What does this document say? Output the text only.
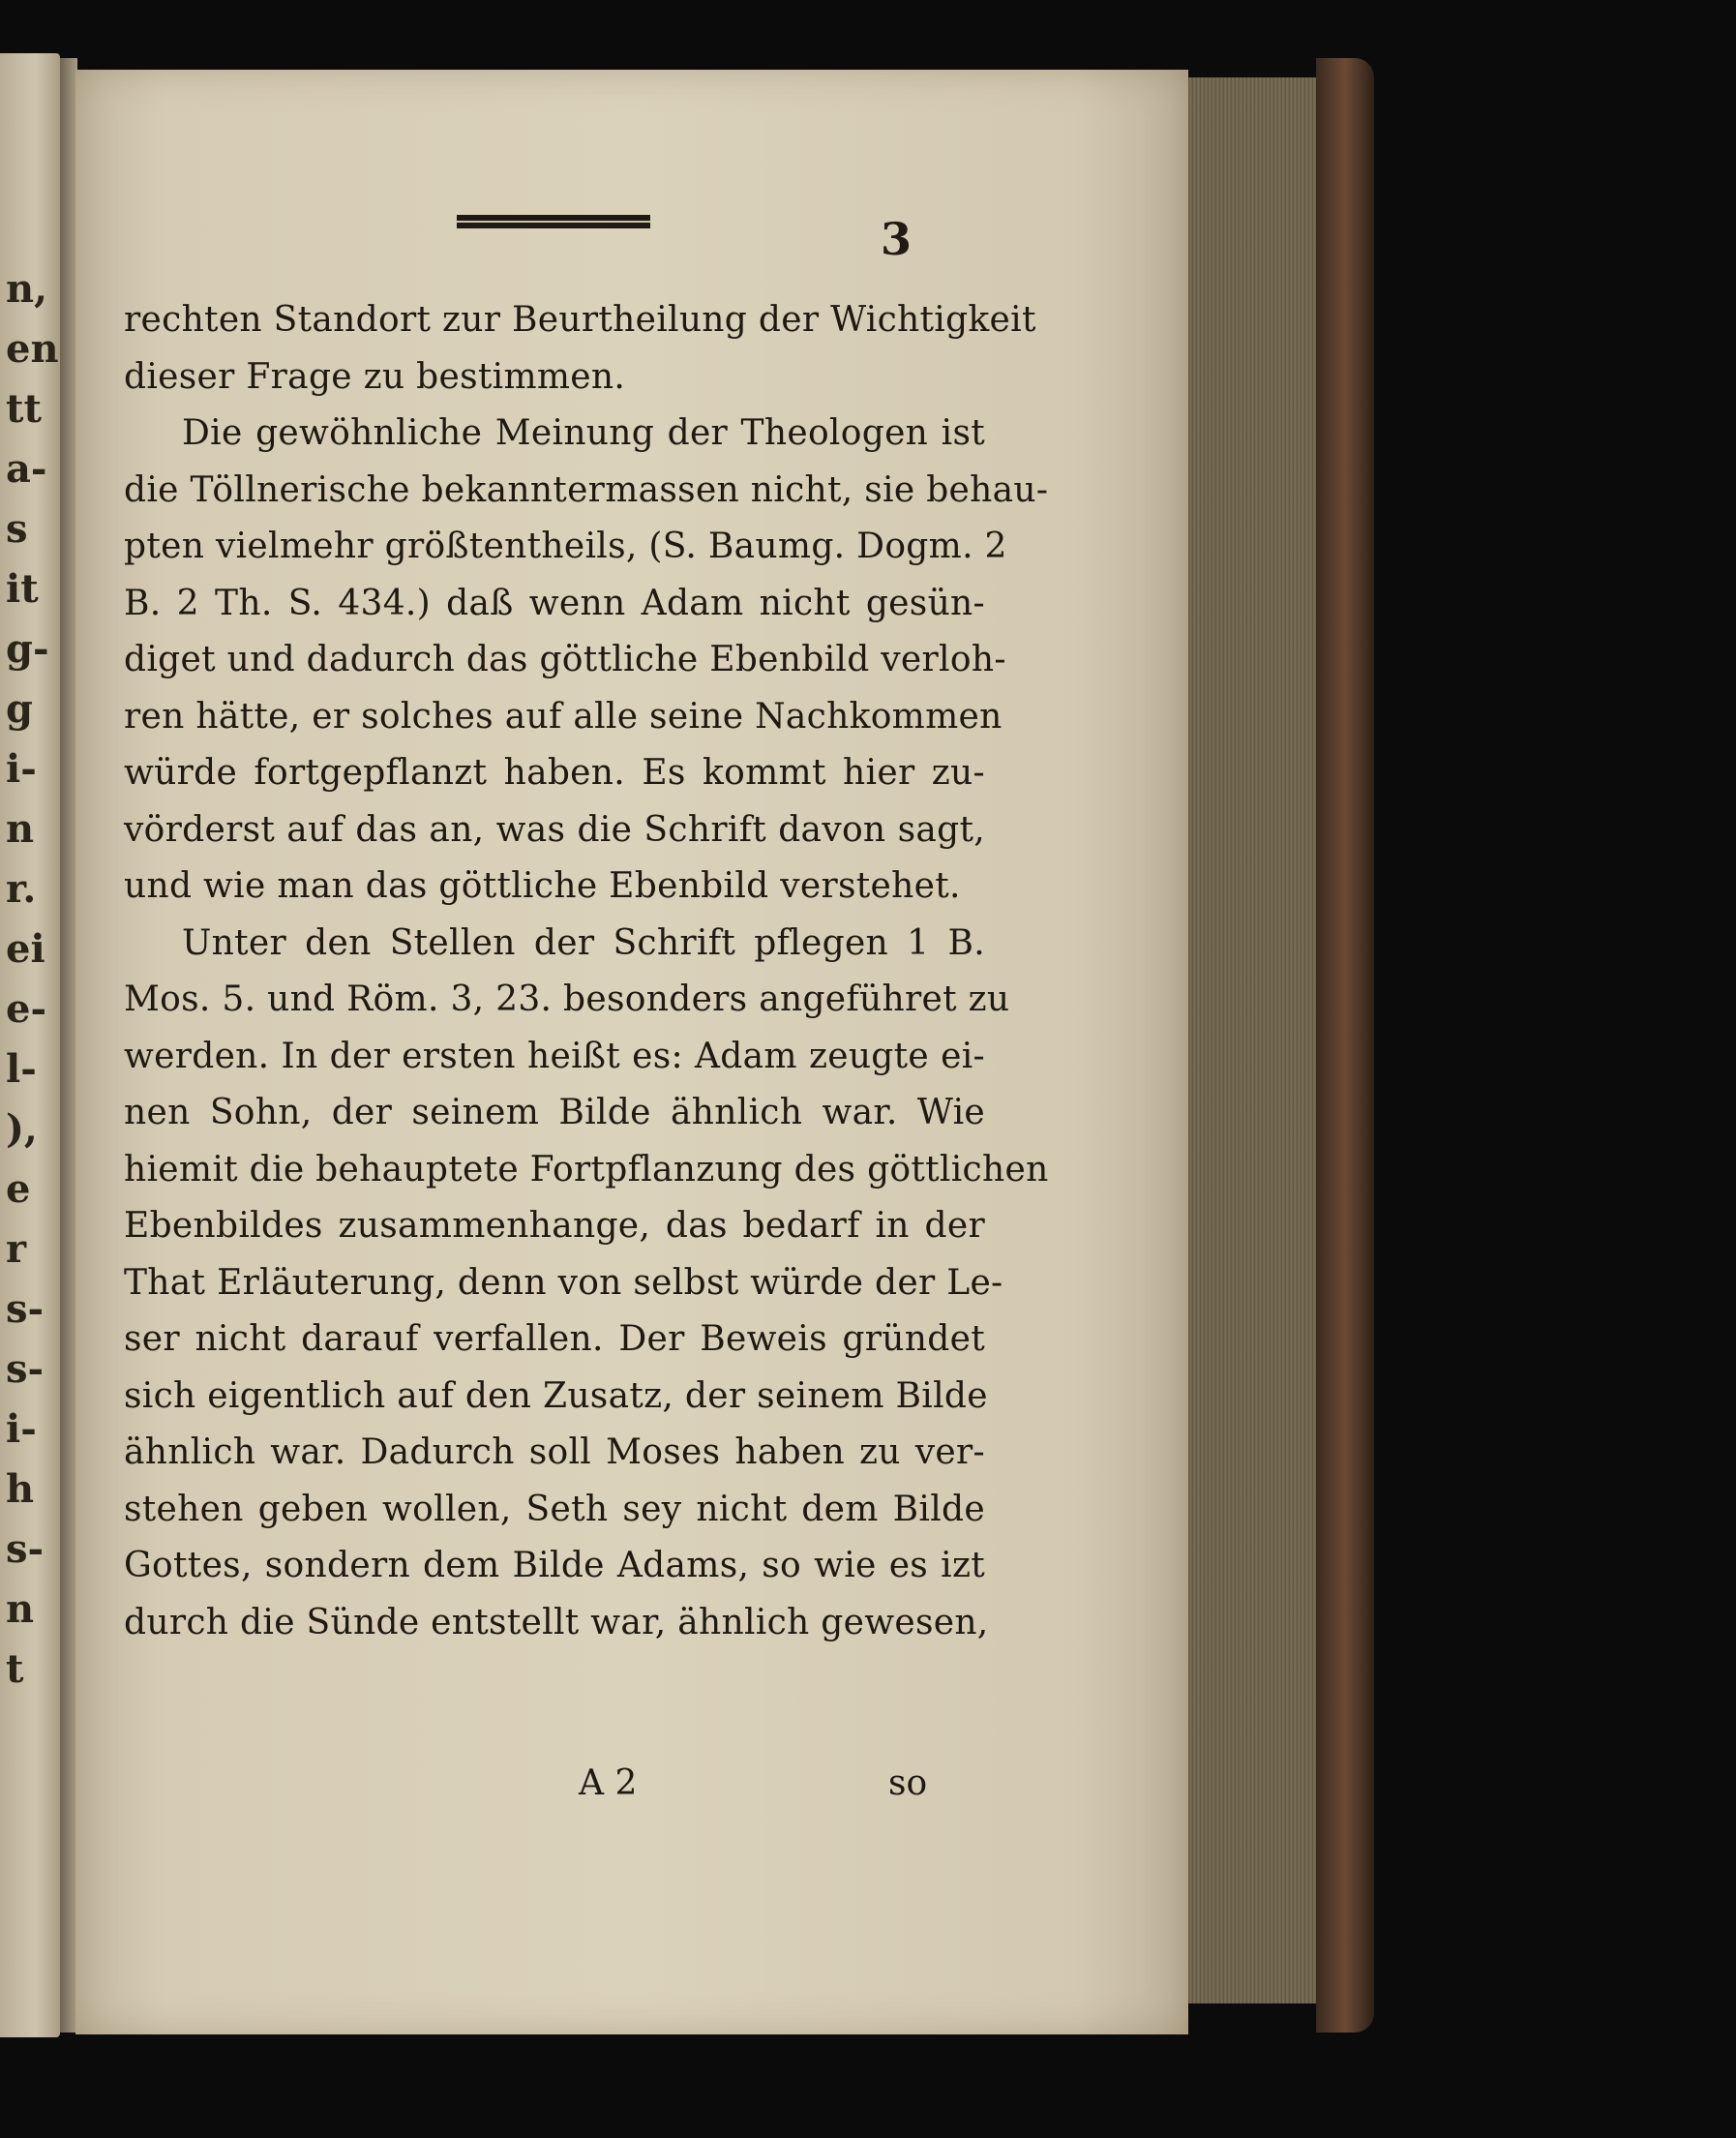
n,
en
tt
a-
s
it
g-
g
i-
n
r.
ei
e-
l-
),
e
r
s-
s-
i-
h
s-
n
t
3
rechten Standort zur Beurtheilung der Wichtigkeit
dieser Frage zu bestimmen.
Die gewöhnliche Meinung der Theologen ist
die Töllnerische bekanntermassen nicht, sie behau-
pten vielmehr größtentheils, (S. Baumg. Dogm. 2
B. 2 Th. S. 434.) daß wenn Adam nicht gesün-
diget und dadurch das göttliche Ebenbild verloh-
ren hätte, er solches auf alle seine Nachkommen
würde fortgepflanzt haben. Es kommt hier zu-
vörderst auf das an, was die Schrift davon sagt,
und wie man das göttliche Ebenbild verstehet.
Unter den Stellen der Schrift pflegen 1 B.
Mos. 5. und Röm. 3, 23. besonders angeführet zu
werden. In der ersten heißt es: Adam zeugte ei-
nen Sohn, der seinem Bilde ähnlich war. Wie
hiemit die behauptete Fortpflanzung des göttlichen
Ebenbildes zusammenhange, das bedarf in der
That Erläuterung, denn von selbst würde der Le-
ser nicht darauf verfallen. Der Beweis gründet
sich eigentlich auf den Zusatz, der seinem Bilde
ähnlich war. Dadurch soll Moses haben zu ver-
stehen geben wollen, Seth sey nicht dem Bilde
Gottes, sondern dem Bilde Adams, so wie es izt
durch die Sünde entstellt war, ähnlich gewesen,
A 2	so
